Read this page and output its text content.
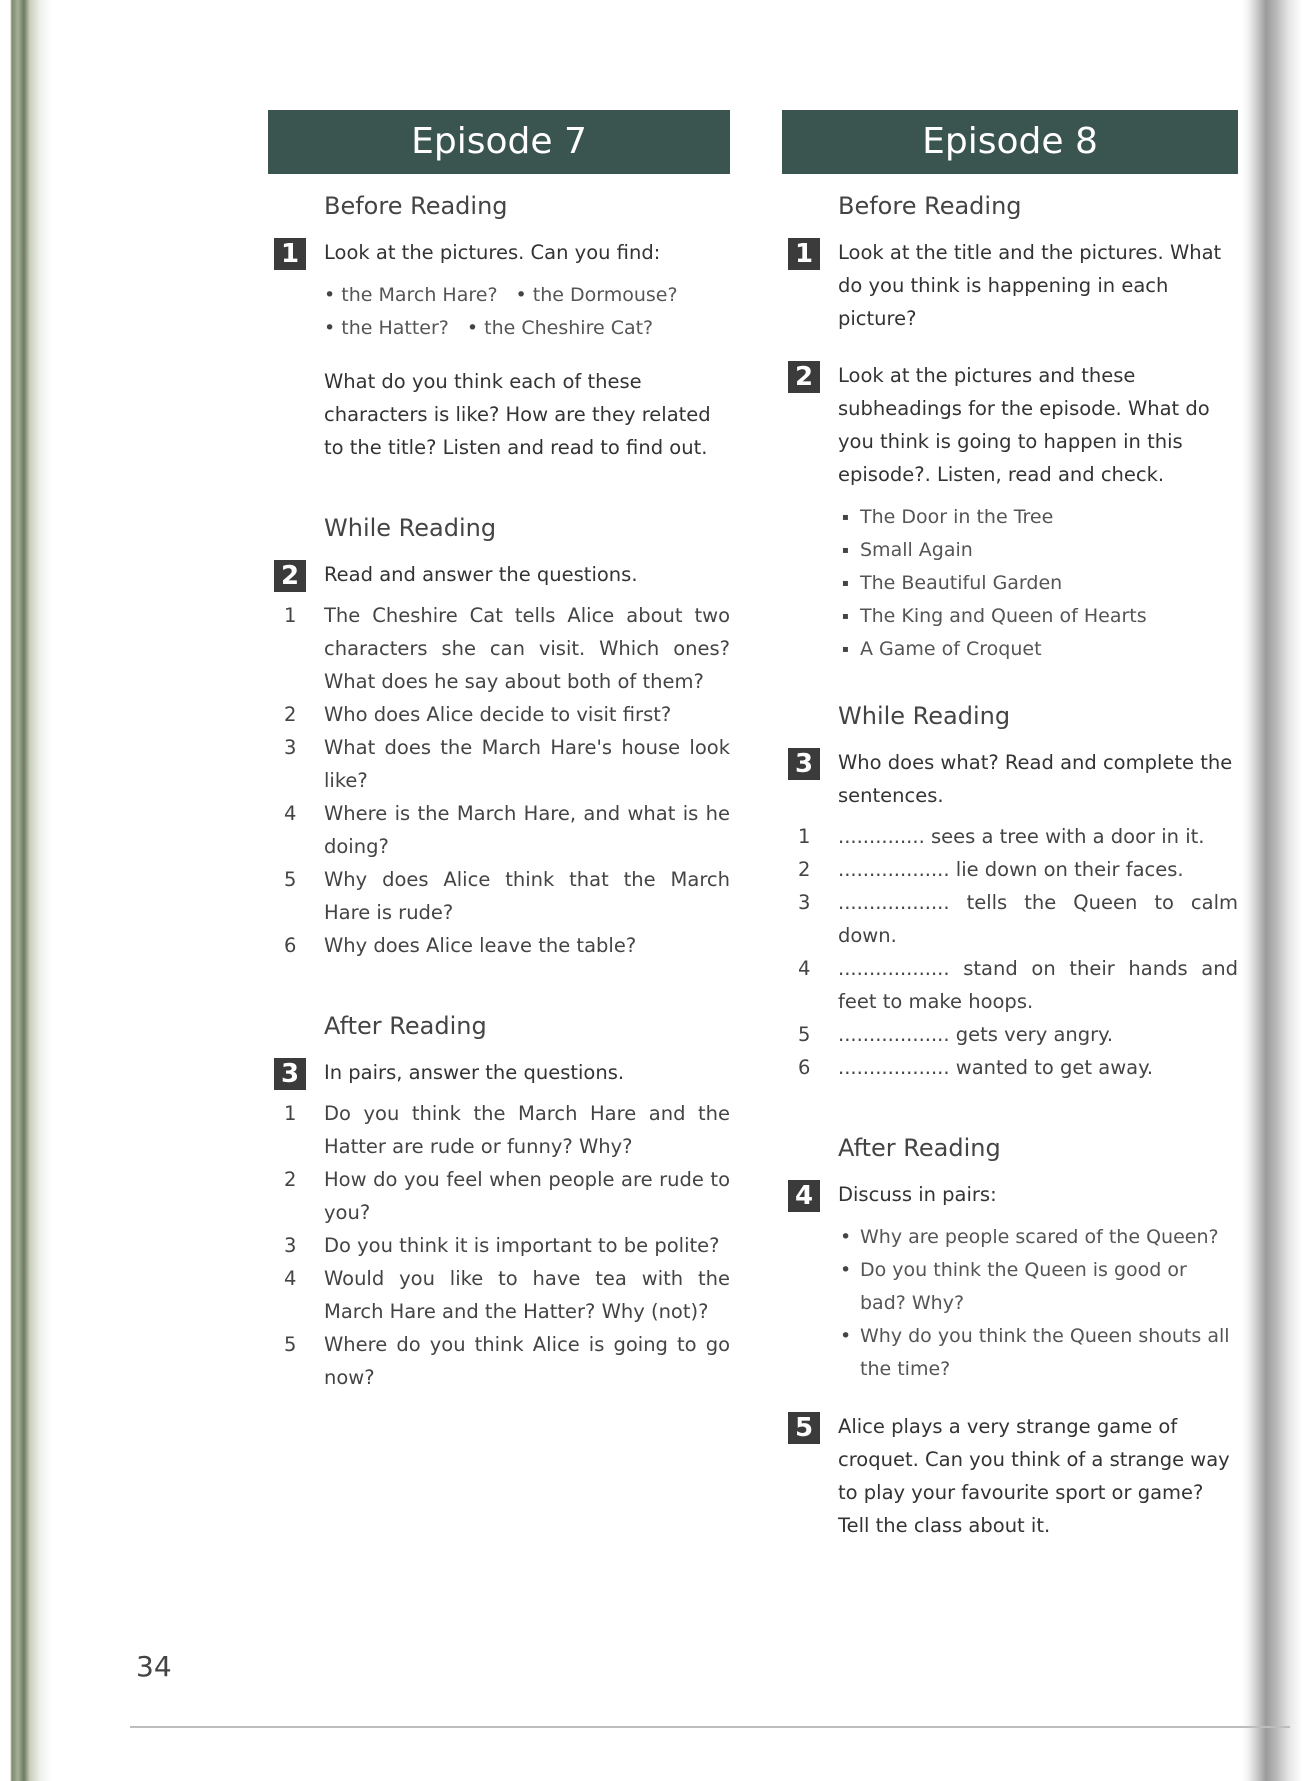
Episode 7
Before Reading
1	Look at the pictures. Can you find:
• the March Hare?	• the Dormouse?
• the Hatter?	• the Cheshire Cat?
What do you think each of these characters is like? How are they related to the title? Listen and read to find out.
While Reading
2	Read and answer the questions.
1 The Cheshire Cat tells Alice about two characters she can visit. Which ones? What does he say about both of them?
2 Who does Alice decide to visit first?
3 What does the March Hare's house look like?
4 Where is the March Hare, and what is he doing?
5 Why does Alice think that the March Hare is rude?
6 Why does Alice leave the table?
After Reading
3	In pairs, answer the questions.
1 Do you think the March Hare and the Hatter are rude or funny? Why?
2 How do you feel when people are rude to you?
3 Do you think it is important to be polite?
4 Would you like to have tea with the March Hare and the Hatter? Why (not)?
5 Where do you think Alice is going to go now?
Episode 8
Before Reading
1	Look at the title and the pictures. What do you think is happening in each picture?
2	Look at the pictures and these subheadings for the episode. What do you think is going to happen in this episode?. Listen, read and check.
▪ The Door in the Tree
▪ Small Again
▪ The Beautiful Garden
▪ The King and Queen of Hearts
▪ A Game of Croquet
While Reading
3	Who does what? Read and complete the sentences.
1 .............. sees a tree with a door in it.
2 .................. lie down on their faces.
3 .................. tells the Queen to calm down.
4 .................. stand on their hands and feet to make hoops.
5 .................. gets very angry.
6 .................. wanted to get away.
After Reading
4	Discuss in pairs:
• Why are people scared of the Queen?
• Do you think the Queen is good or bad? Why?
• Why do you think the Queen shouts all the time?
5	Alice plays a very strange game of croquet. Can you think of a strange way to play your favourite sport or game? Tell the class about it.
34
